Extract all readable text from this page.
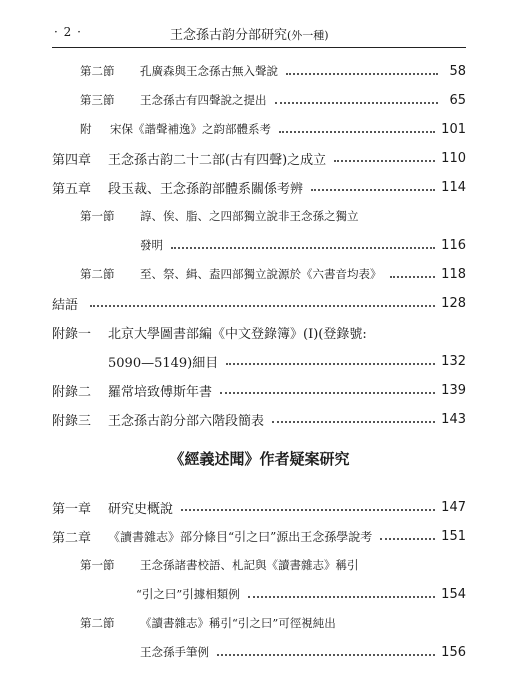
· 2 ·	王念孫古韵分部研究(外一種)
第二節	孔廣森與王念孫古無入聲說	58
第三節	王念孫古有四聲說之提出	65
附	宋保《諧聲補逸》之韵部體系考	101
第四章	王念孫古韵二十二部(古有四聲)之成立	110
第五章	段玉裁、王念孫韵部體系關係考辨	114
第一節	諄、俟、脂、之四部獨立說非王念孫之獨立
發明	116
第二節	至、祭、緝、盍四部獨立說源於《六書音均表》	118
結語	128
附錄一	北京大學圖書部編《中文登錄簿》(I)(登錄號:
5090—5149)細目	132
附錄二	羅常培致傅斯年書	139
附錄三	王念孫古韵分部六階段簡表	143
《經義述聞》作者疑案研究
第一章	研究史概說	147
第二章	《讀書雜志》部分條目“引之曰”源出王念孫學說考	151
第一節	王念孫諸書校語、札記與《讀書雜志》稱引
“引之曰”引據相類例	154
第二節	《讀書雜志》稱引“引之曰”可徑視純出
王念孫手筆例	156
